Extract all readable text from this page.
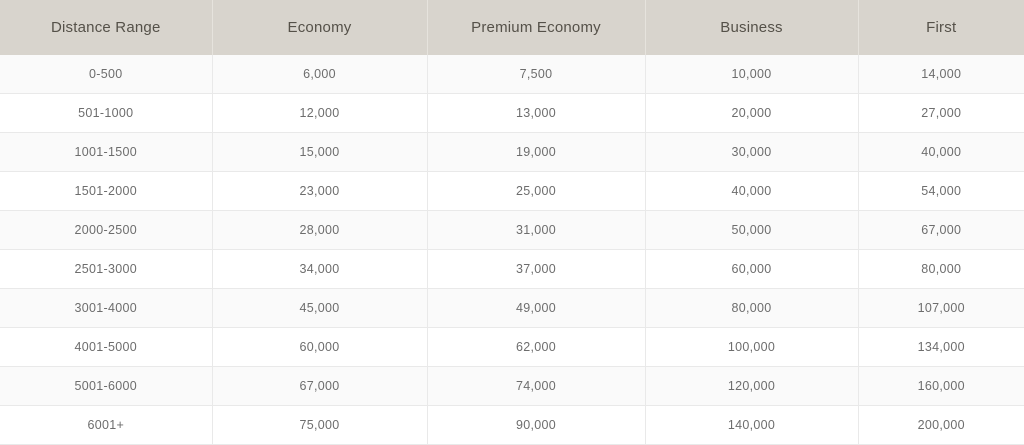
Distance Range	Economy	Premium Economy	Business	First
0-500	6,000	7,500	10,000	14,000
501-1000	12,000	13,000	20,000	27,000
1001-1500	15,000	19,000	30,000	40,000
1501-2000	23,000	25,000	40,000	54,000
2000-2500	28,000	31,000	50,000	67,000
2501-3000	34,000	37,000	60,000	80,000
3001-4000	45,000	49,000	80,000	107,000
4001-5000	60,000	62,000	100,000	134,000
5001-6000	67,000	74,000	120,000	160,000
6001+	75,000	90,000	140,000	200,000
